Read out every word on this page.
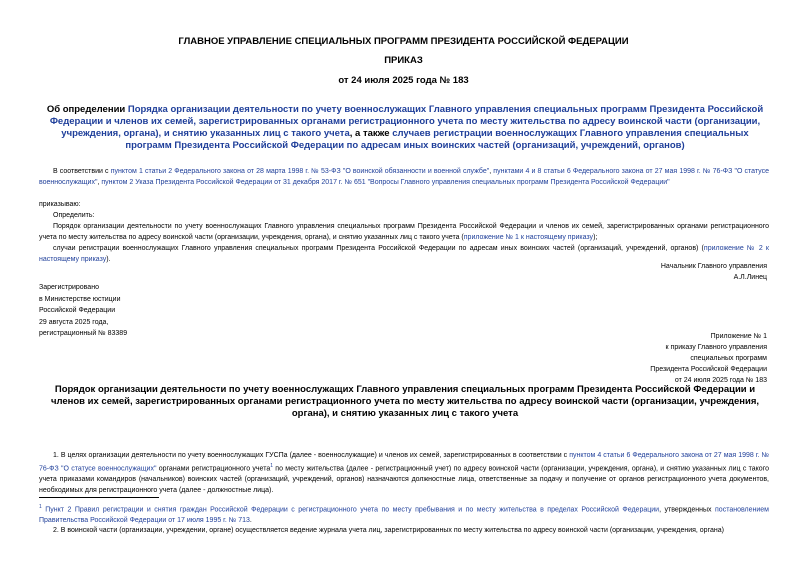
ГЛАВНОЕ УПРАВЛЕНИЕ СПЕЦИАЛЬНЫХ ПРОГРАММ ПРЕЗИДЕНТА РОССИЙСКОЙ ФЕДЕРАЦИИ
ПРИКАЗ
от 24 июля 2025 года № 183
Об определении Порядка организации деятельности по учету военнослужащих Главного управления специальных программ Президента Российской Федерации и членов их семей, зарегистрированных органами регистрационного учета по месту жительства по адресу воинской части (организации, учреждения, органа), и снятию указанных лиц с такого учета, а также случаев регистрации военнослужащих Главного управления специальных программ Президента Российской Федерации по адресам иных воинских частей (организаций, учреждений, органов)
В соответствии с пунктом 1 статьи 2 Федерального закона от 28 марта 1998 г. № 53-ФЗ "О воинской обязанности и военной службе", пунктами 4 и 8 статьи 6 Федерального закона от 27 мая 1998 г. № 76-ФЗ "О статусе военнослужащих", пунктом 2 Указа Президента Российской Федерации от 31 декабря 2017 г. № 651 "Вопросы Главного управления специальных программ Президента Российской Федерации"
приказываю:
Определить:
Порядок организации деятельности по учету военнослужащих Главного управления специальных программ Президента Российской Федерации и членов их семей, зарегистрированных органами регистрационного учета по месту жительства по адресу воинской части (организации, учреждения, органа), и снятию указанных лиц с такого учета (приложение № 1 к настоящему приказу);
случаи регистрации военнослужащих Главного управления специальных программ Президента Российской Федерации по адресам иных воинских частей (организаций, учреждений, органов) (приложение № 2 к настоящему приказу).
Начальник Главного управления
А.Л.Линец
Зарегистрировано
в Министерстве юстиции
Российской Федерации
29 августа 2025 года,
регистрационный № 83389	Приложение № 1
к приказу Главного управления
специальных программ
Президента Российской Федерации
от 24 июля 2025 года № 183
Порядок организации деятельности по учету военнослужащих Главного управления специальных программ Президента Российской Федерации и членов их семей, зарегистрированных органами регистрационного учета по месту жительства по адресу воинской части (организации, учреждения, органа), и снятию указанных лиц с такого учета
1. В целях организации деятельности по учету военнослужащих ГУСПа (далее - военнослужащие) и членов их семей, зарегистрированных в соответствии с пунктом 4 статьи 6 Федерального закона от 27 мая 1998 г. № 76-ФЗ "О статусе военнослужащих" органами регистрационного учета$^1$ по месту жительства (далее - регистрационный учет) по адресу воинской части (организации, учреждения, органа), и снятию указанных лиц с такого учета приказами командиров (начальников) воинских частей (организаций, учреждений, органов) назначаются должностные лица, ответственные за подачу и получение от органов регистрационного учета документов, необходимых для регистрационного учета (далее - должностные лица).
$^1$ Пункт 2 Правил регистрации и снятия граждан Российской Федерации с регистрационного учета по месту пребывания и по месту жительства в пределах Российской Федерации, утвержденных постановлением Правительства Российской Федерации от 17 июля 1995 г. № 713.
2. В воинской части (организации, учреждении, органе) осуществляется ведение журнала учета лиц, зарегистрированных по месту жительства по адресу воинской части (организации, учреждения, органа)
